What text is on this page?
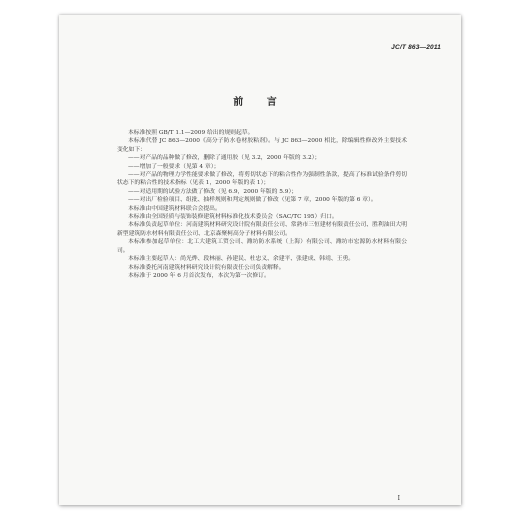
JC/T 863—2011
前 言

本标准按照 GB/T 1.1—2009 给出的规则起草。

本标准代替 JC 863—2000《高分子防水卷材胶粘剂》。与 JC 863—2000 相比，除编辑性修改外主要技术变化如下：

——对产品的品种做了修改，删除了通用胶（见 3.2，2000 年版的 3.2）；

——增加了一般要求（见第 4 章）；

——对产品的物理力学性能要求做了修改，将剪切状态下的粘合性作为强制性条款，提高了标准试验条件剪切状态下的粘合性的技术指标（见表 1，2000 年版的表 1）；

——对适用期的试验方法做了修改（见 6.9，2000 年版的 5.9）；

——对出厂检验项目、组批、抽样规则和判定规则做了修改（见第 7 章，2000 年版的第 6 章）。

本标准由中国建筑材料联合会提出。

本标准由全国轻质与装饰装修建筑材料标准化技术委员会（SAC/TC 195）归口。

本标准负责起草单位：河南建筑材料研究设计院有限责任公司、常熟市三恒建材有限责任公司、胜利油田大明新型建筑防水材料有限责任公司、北京森聚柯高分子材料有限公司。

本标准参加起草单位：北工大建筑工贸公司、潍坊防水系统（上海）有限公司、潍坊市宏源防水材料有限公司。

本标准主要起草人：尚光烨、段林丽、孙建民、杜忠义、余建平、张建成、韩靖、王勇。

本标准委托河南建筑材料研究设计院有限责任公司负责解释。

本标准于 2000 年 6 月首次发布，本次为第一次修订。

I
